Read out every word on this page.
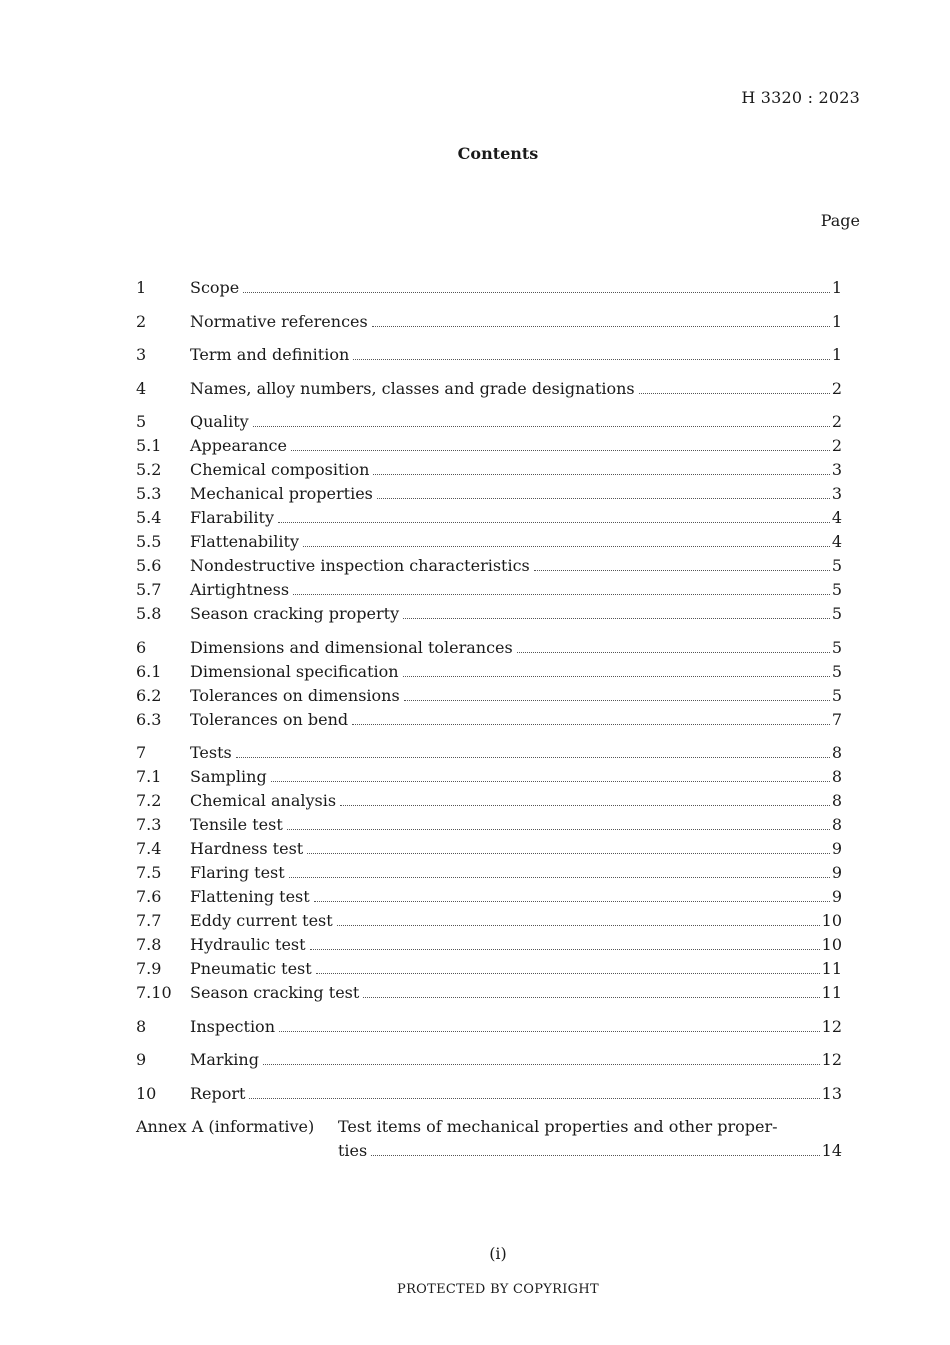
H 3320 : 2023
Contents
Page
1	Scope	1
2	Normative references	1
3	Term and definition	1
4	Names, alloy numbers, classes and grade designations	2
5	Quality	2
5.1	Appearance	2
5.2	Chemical composition	3
5.3	Mechanical properties	3
5.4	Flarability	4
5.5	Flattenability	4
5.6	Nondestructive inspection characteristics	5
5.7	Airtightness	5
5.8	Season cracking property	5
6	Dimensions and dimensional tolerances	5
6.1	Dimensional specification	5
6.2	Tolerances on dimensions	5
6.3	Tolerances on bend	7
7	Tests	8
7.1	Sampling	8
7.2	Chemical analysis	8
7.3	Tensile test	8
7.4	Hardness test	9
7.5	Flaring test	9
7.6	Flattening test	9
7.7	Eddy current test	10
7.8	Hydraulic test	10
7.9	Pneumatic test	11
7.10	Season cracking test	11
8	Inspection	12
9	Marking	12
10	Report	13
Annex A (informative)	Test items of mechanical properties and other proper-
ties	14
(i)
PROTECTED BY COPYRIGHT
